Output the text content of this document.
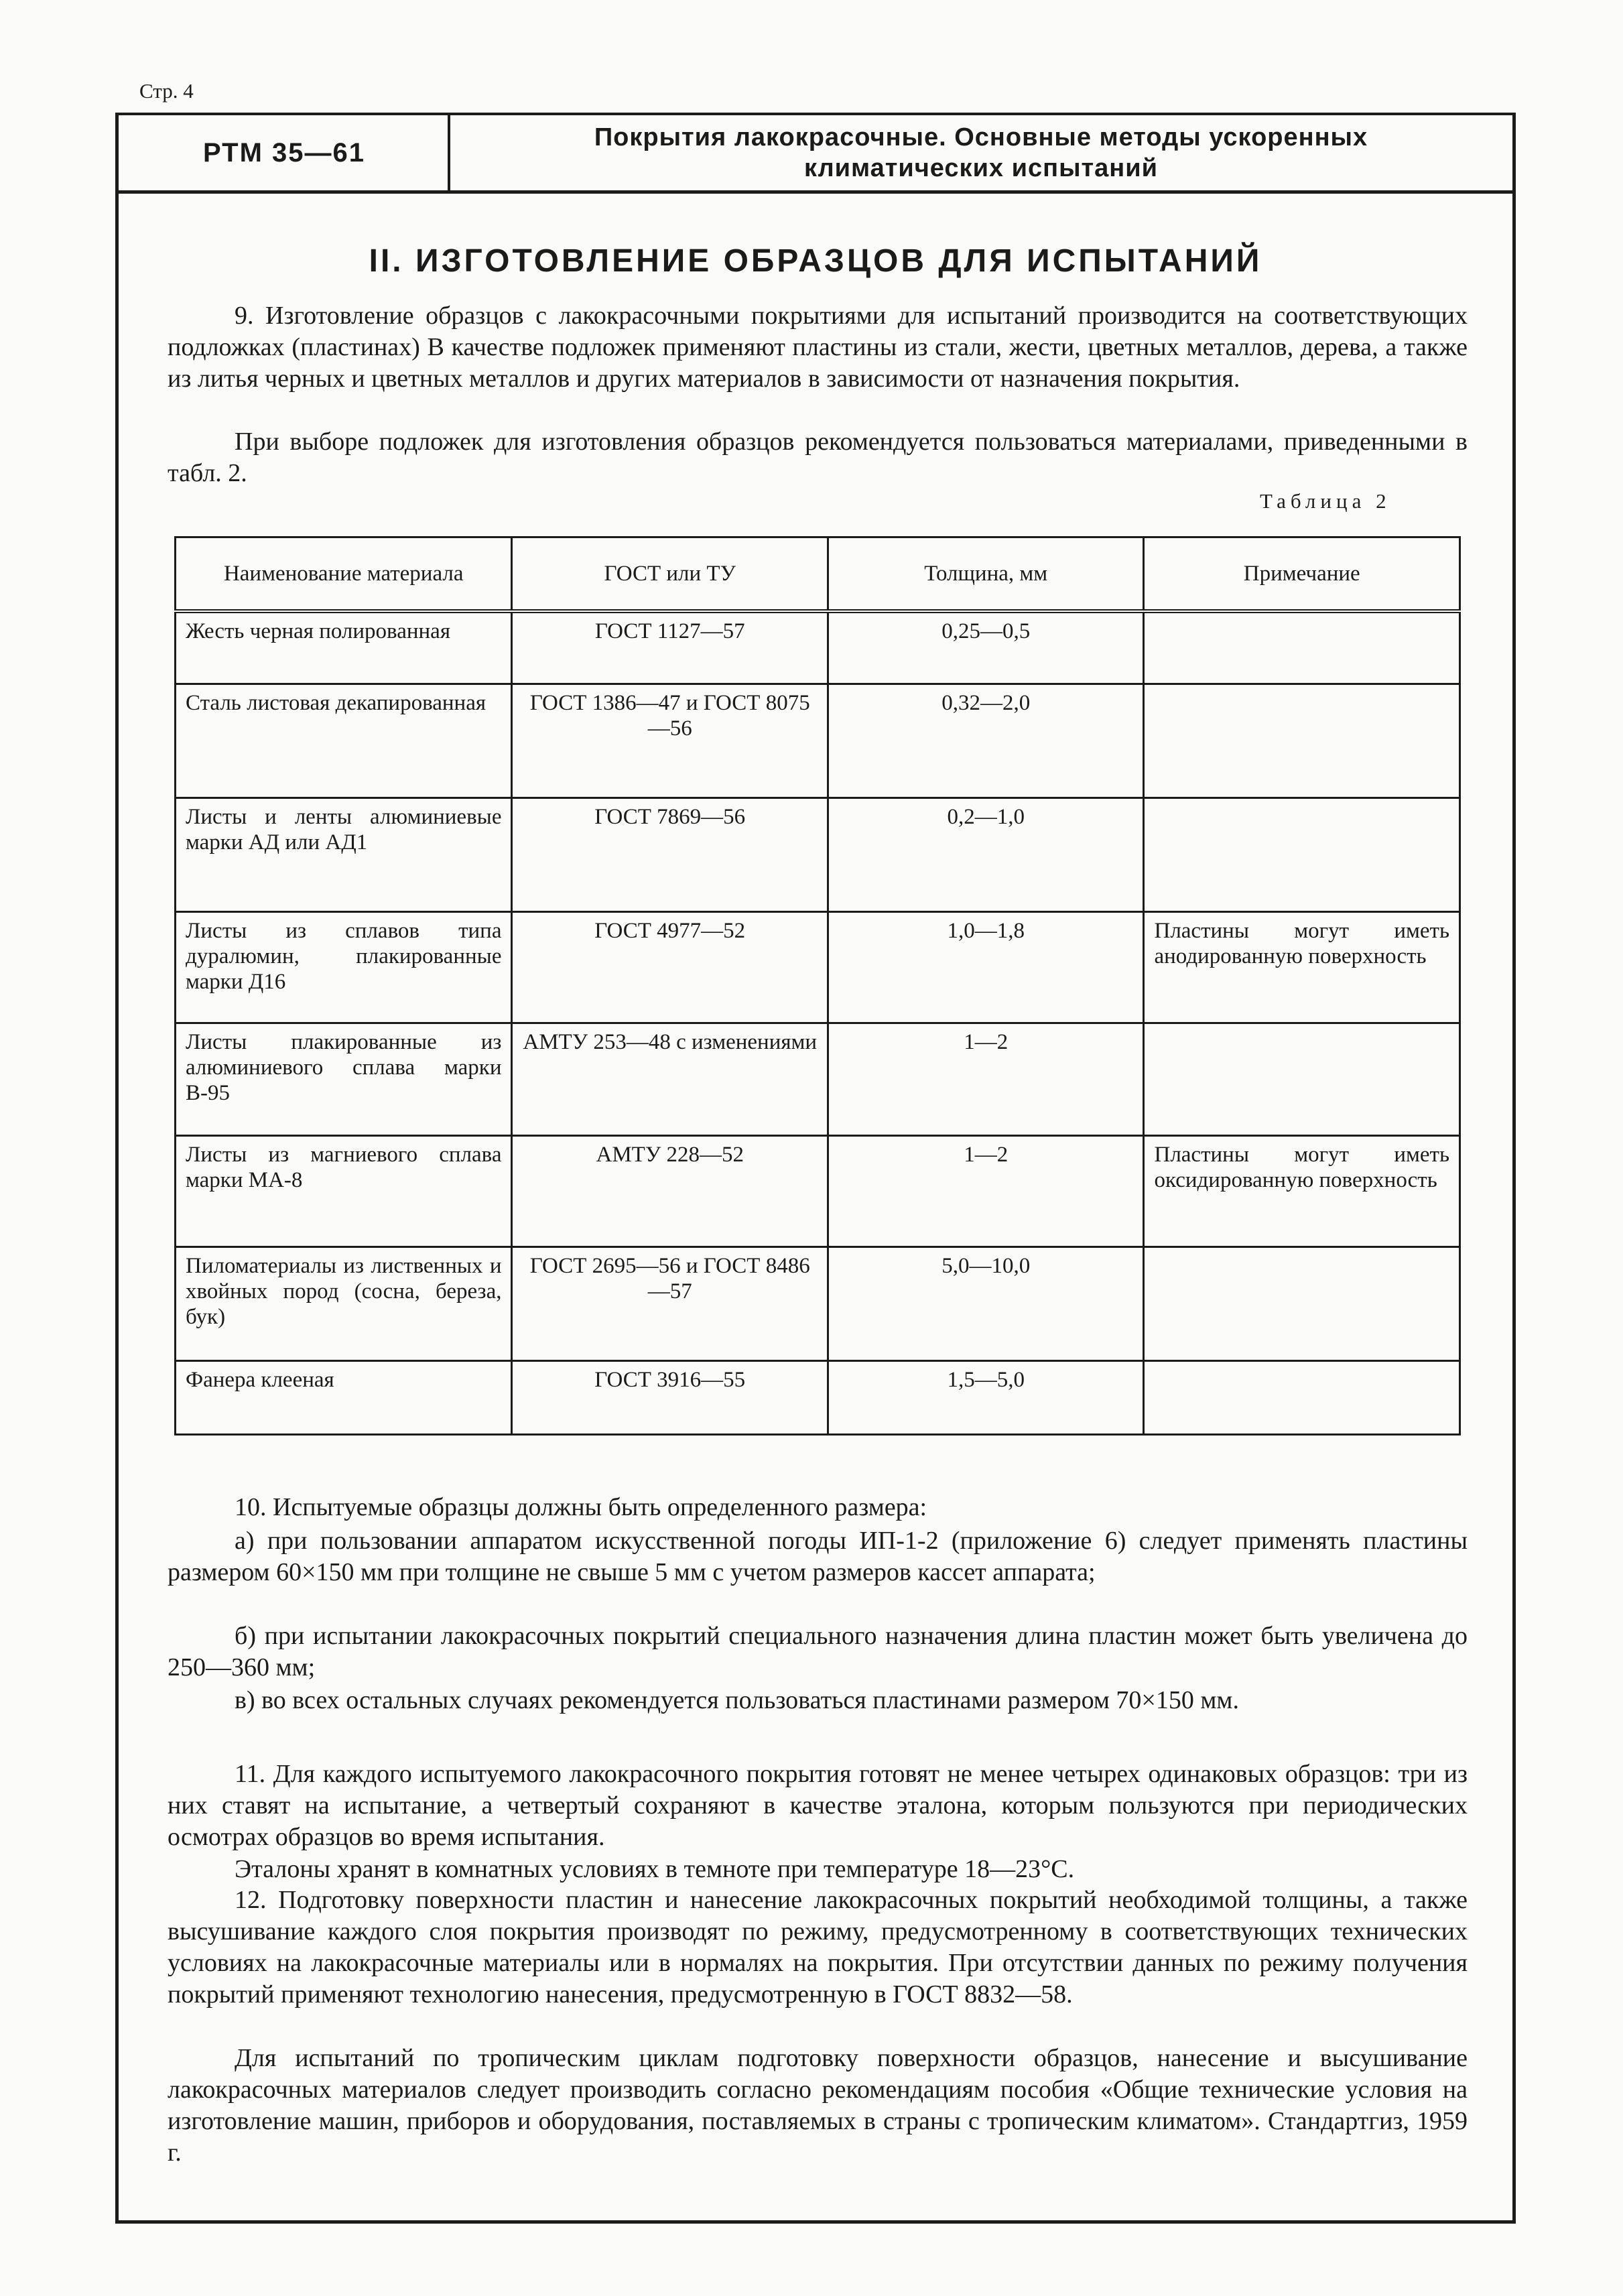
Стр. 4
РТМ 35—61
Покрытия лакокрасочные. Основные методы ускоренных
климатических испытаний
II. ИЗГОТОВЛЕНИЕ ОБРАЗЦОВ ДЛЯ ИСПЫТАНИЙ

9. Изготовление образцов с лакокрасочными покрытиями для испытаний производится на соответствующих подложках (пластинах) В качестве подложек применяют пластины из стали, жести, цветных металлов, дерева, а также из литья черных и цветных металлов и других материалов в зависимости от назначения покрытия.

При выборе подложек для изготовления образцов рекомендуется пользоваться материалами, приведенными в табл. 2.

Таблица 2
Наименование материала	ГОСТ или ТУ	Толщина, мм	Примечание
Жесть черная полированная	ГОСТ 1127—57	0,25—0,5	
Сталь листовая декапированная	ГОСТ 1386—47 и ГОСТ 8075—56	0,32—2,0	
Листы и ленты алюминиевые марки АД или АД1	ГОСТ 7869—56	0,2—1,0	
Листы из сплавов типа дуралюмин, плакированные марки Д16	ГОСТ 4977—52	1,0—1,8	Пластины могут иметь анодированную поверхность
Листы плакированные из алюминиевого сплава марки В-95	АМТУ 253—48 с изменениями	1—2	
Листы из магниевого сплава марки МА-8	АМТУ 228—52	1—2	Пластины могут иметь оксидированную поверхность
Пиломатериалы из лиственных и хвойных пород (сосна, береза, бук)	ГОСТ 2695—56 и ГОСТ 8486—57	5,0—10,0	
Фанера клееная	ГОСТ 3916—55	1,5—5,0	

10. Испытуемые образцы должны быть определенного размера:

а) при пользовании аппаратом искусственной погоды ИП-1-2 (приложение 6) следует применять пластины размером 60×150 мм при толщине не свыше 5 мм с учетом размеров кассет аппарата;

б) при испытании лакокрасочных покрытий специального назначения длина пластин может быть увеличена до 250—360 мм;

в) во всех остальных случаях рекомендуется пользоваться пластинами размером 70×150 мм.

11. Для каждого испытуемого лакокрасочного покрытия готовят не менее четырех одинаковых образцов: три из них ставят на испытание, а четвертый сохраняют в качестве эталона, которым пользуются при периодических осмотрах образцов во время испытания.

Эталоны хранят в комнатных условиях в темноте при температуре 18—23°С.

12. Подготовку поверхности пластин и нанесение лакокрасочных покрытий необходимой толщины, а также высушивание каждого слоя покрытия производят по режиму, предусмотренному в соответствующих технических условиях на лакокрасочные материалы или в нормалях на покрытия. При отсутствии данных по режиму получения покрытий применяют технологию нанесения, предусмотренную в ГОСТ 8832—58.

Для испытаний по тропическим циклам подготовку поверхности образцов, нанесение и высушивание лакокрасочных материалов следует производить согласно рекомендациям пособия «Общие технические условия на изготовление машин, приборов и оборудования, поставляемых в страны с тропическим климатом». Стандартгиз, 1959 г.
